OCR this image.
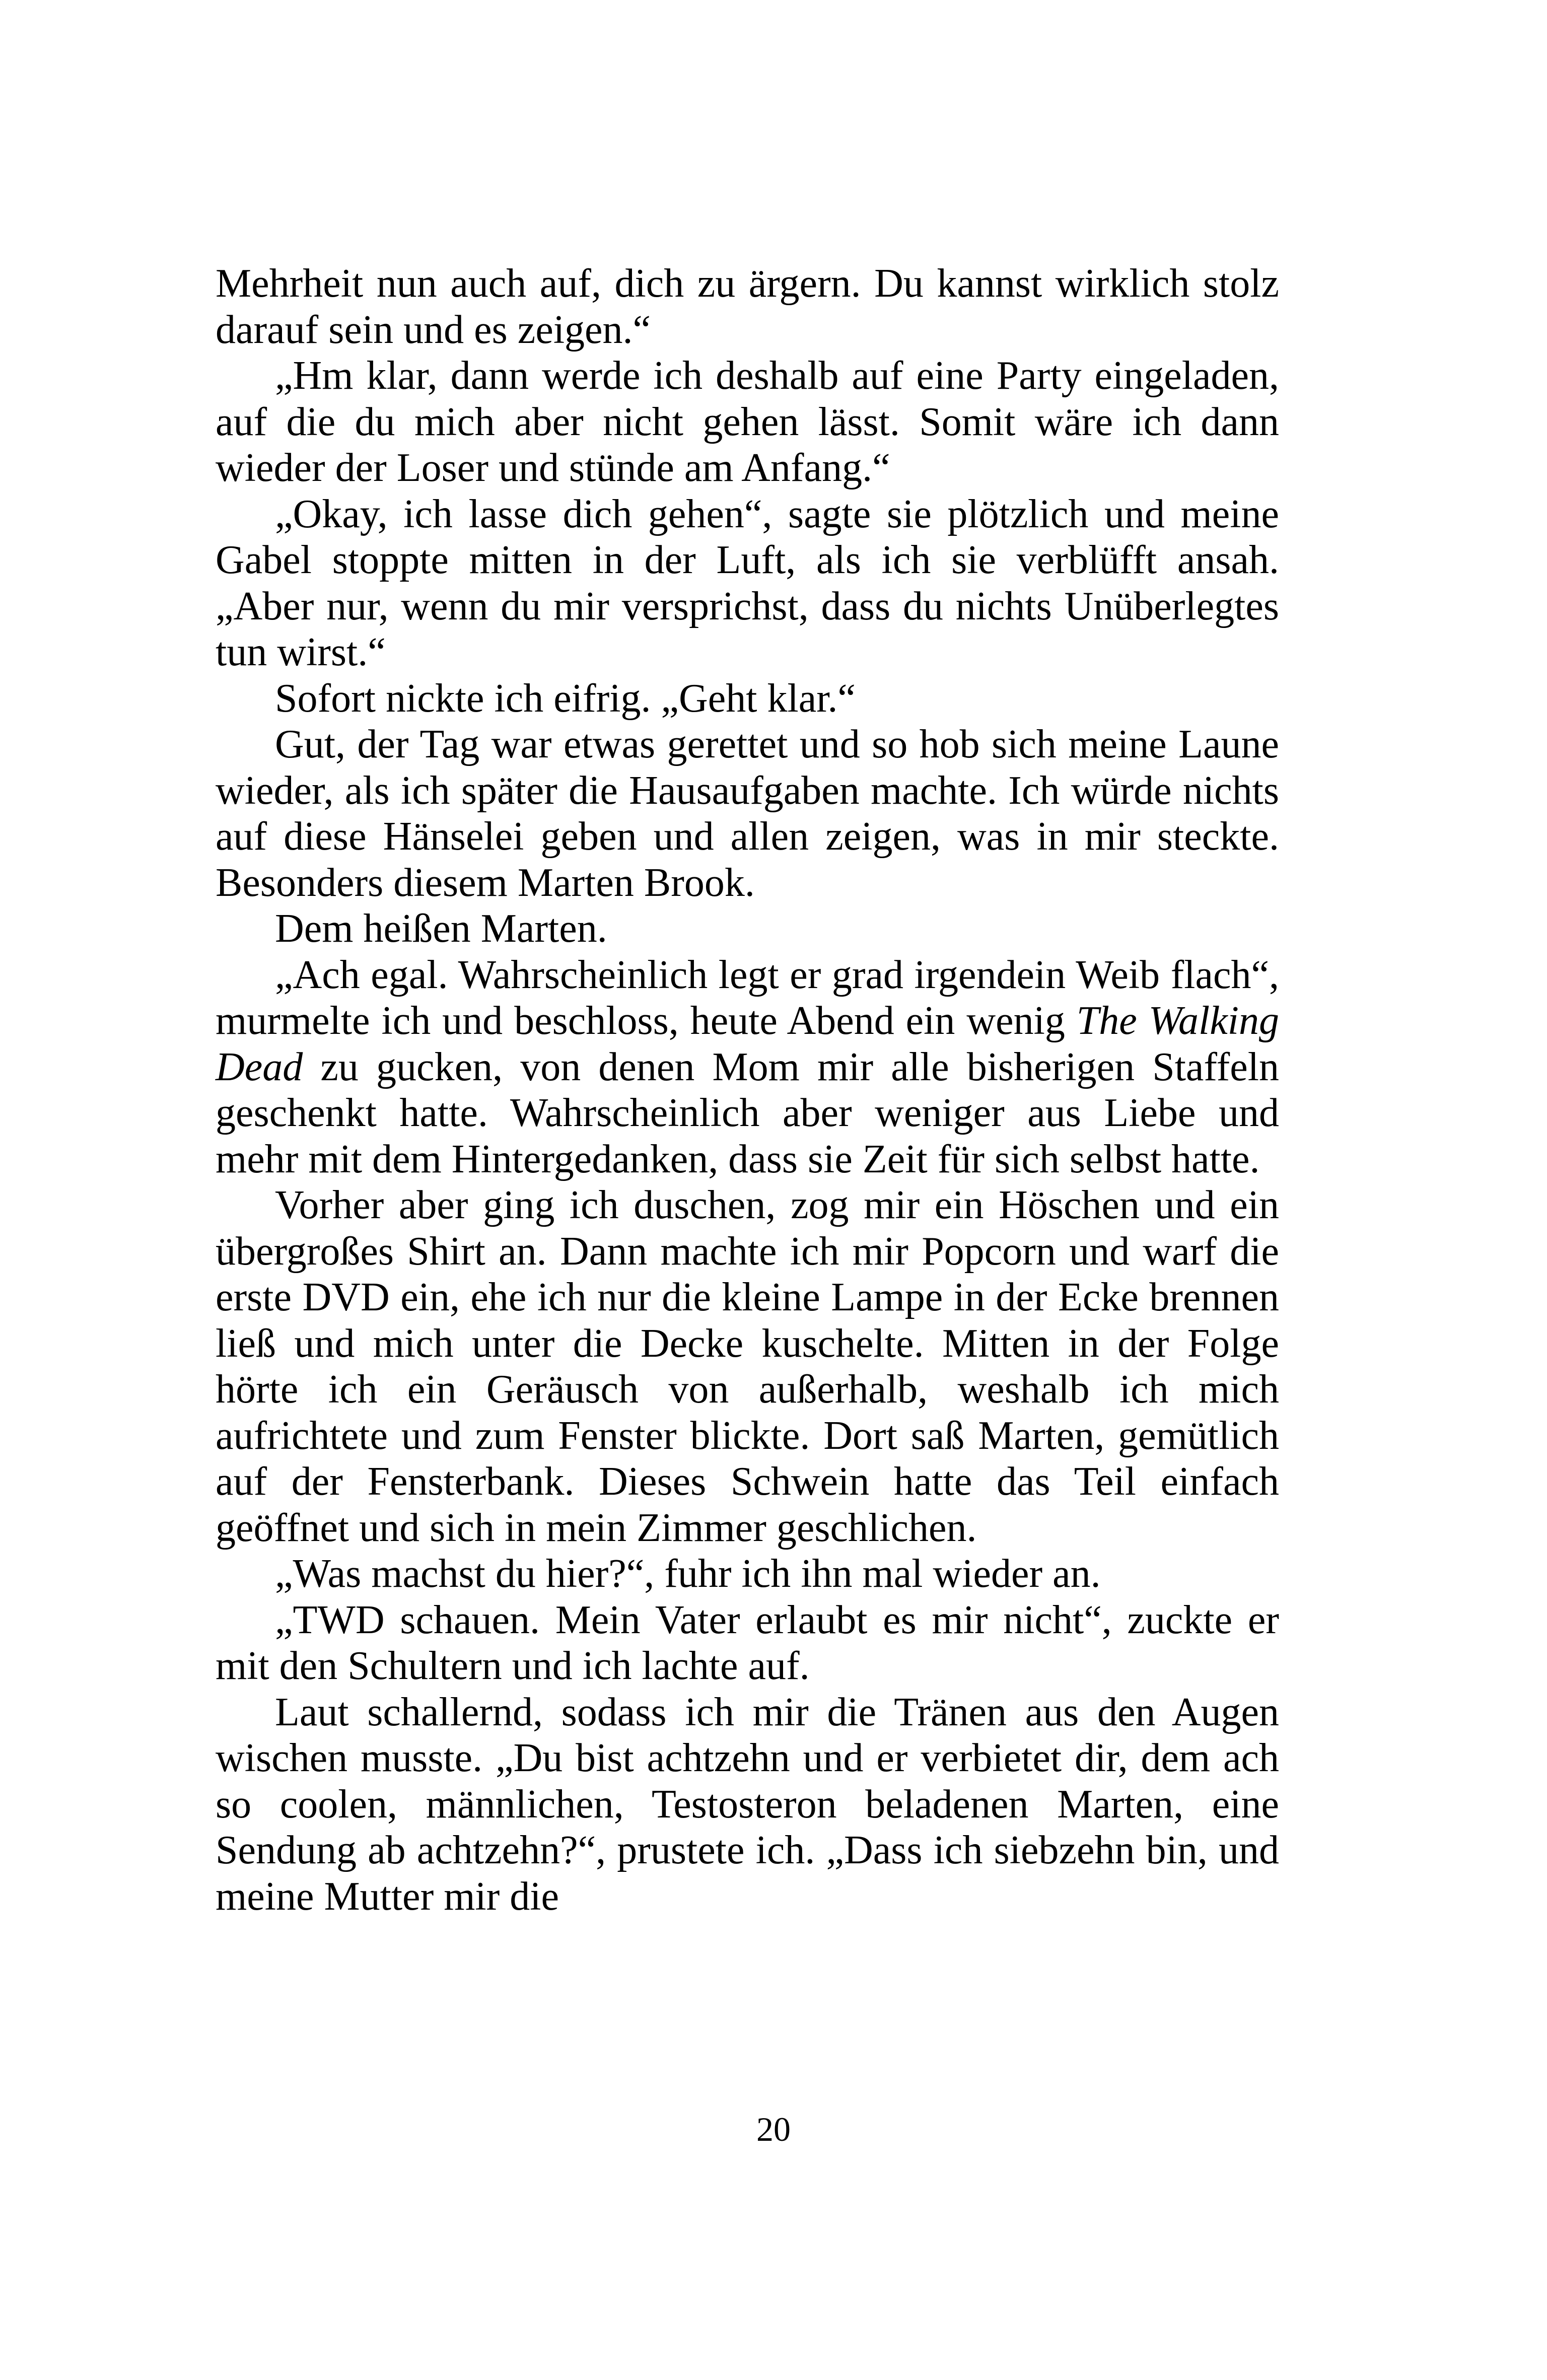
Mehrheit nun auch auf, dich zu ärgern. Du kannst wirklich stolz darauf sein und es zeigen.“

„Hm klar, dann werde ich deshalb auf eine Party eingeladen, auf die du mich aber nicht gehen lässt. Somit wäre ich dann wieder der Loser und stünde am Anfang.“

„Okay, ich lasse dich gehen“, sagte sie plötzlich und meine Gabel stoppte mitten in der Luft, als ich sie verblüfft ansah. „Aber nur, wenn du mir versprichst, dass du nichts Unüberlegtes tun wirst.“

Sofort nickte ich eifrig. „Geht klar.“

Gut, der Tag war etwas gerettet und so hob sich meine Laune wieder, als ich später die Hausaufgaben machte. Ich würde nichts auf diese Hänselei geben und allen zeigen, was in mir steckte. Besonders diesem Marten Brook.

Dem heißen Marten.

„Ach egal. Wahrscheinlich legt er grad irgendein Weib flach“, murmelte ich und beschloss, heute Abend ein wenig The Walking Dead zu gucken, von denen Mom mir alle bisherigen Staffeln geschenkt hatte. Wahrscheinlich aber weniger aus Liebe und mehr mit dem Hintergedanken, dass sie Zeit für sich selbst hatte.

Vorher aber ging ich duschen, zog mir ein Höschen und ein übergroßes Shirt an. Dann machte ich mir Popcorn und warf die erste DVD ein, ehe ich nur die kleine Lampe in der Ecke brennen ließ und mich unter die Decke kuschelte. Mitten in der Folge hörte ich ein Geräusch von außerhalb, weshalb ich mich aufrichtete und zum Fenster blickte. Dort saß Marten, gemütlich auf der Fensterbank. Dieses Schwein hatte das Teil einfach geöffnet und sich in mein Zimmer geschlichen.

„Was machst du hier?“, fuhr ich ihn mal wieder an.

„TWD schauen. Mein Vater erlaubt es mir nicht“, zuckte er mit den Schultern und ich lachte auf.

Laut schallernd, sodass ich mir die Tränen aus den Augen wischen musste. „Du bist achtzehn und er verbietet dir, dem ach so coolen, männlichen, Testosteron beladenen Marten, eine Sendung ab achtzehn?“, prustete ich. „Dass ich siebzehn bin, und meine Mutter mir die

20
